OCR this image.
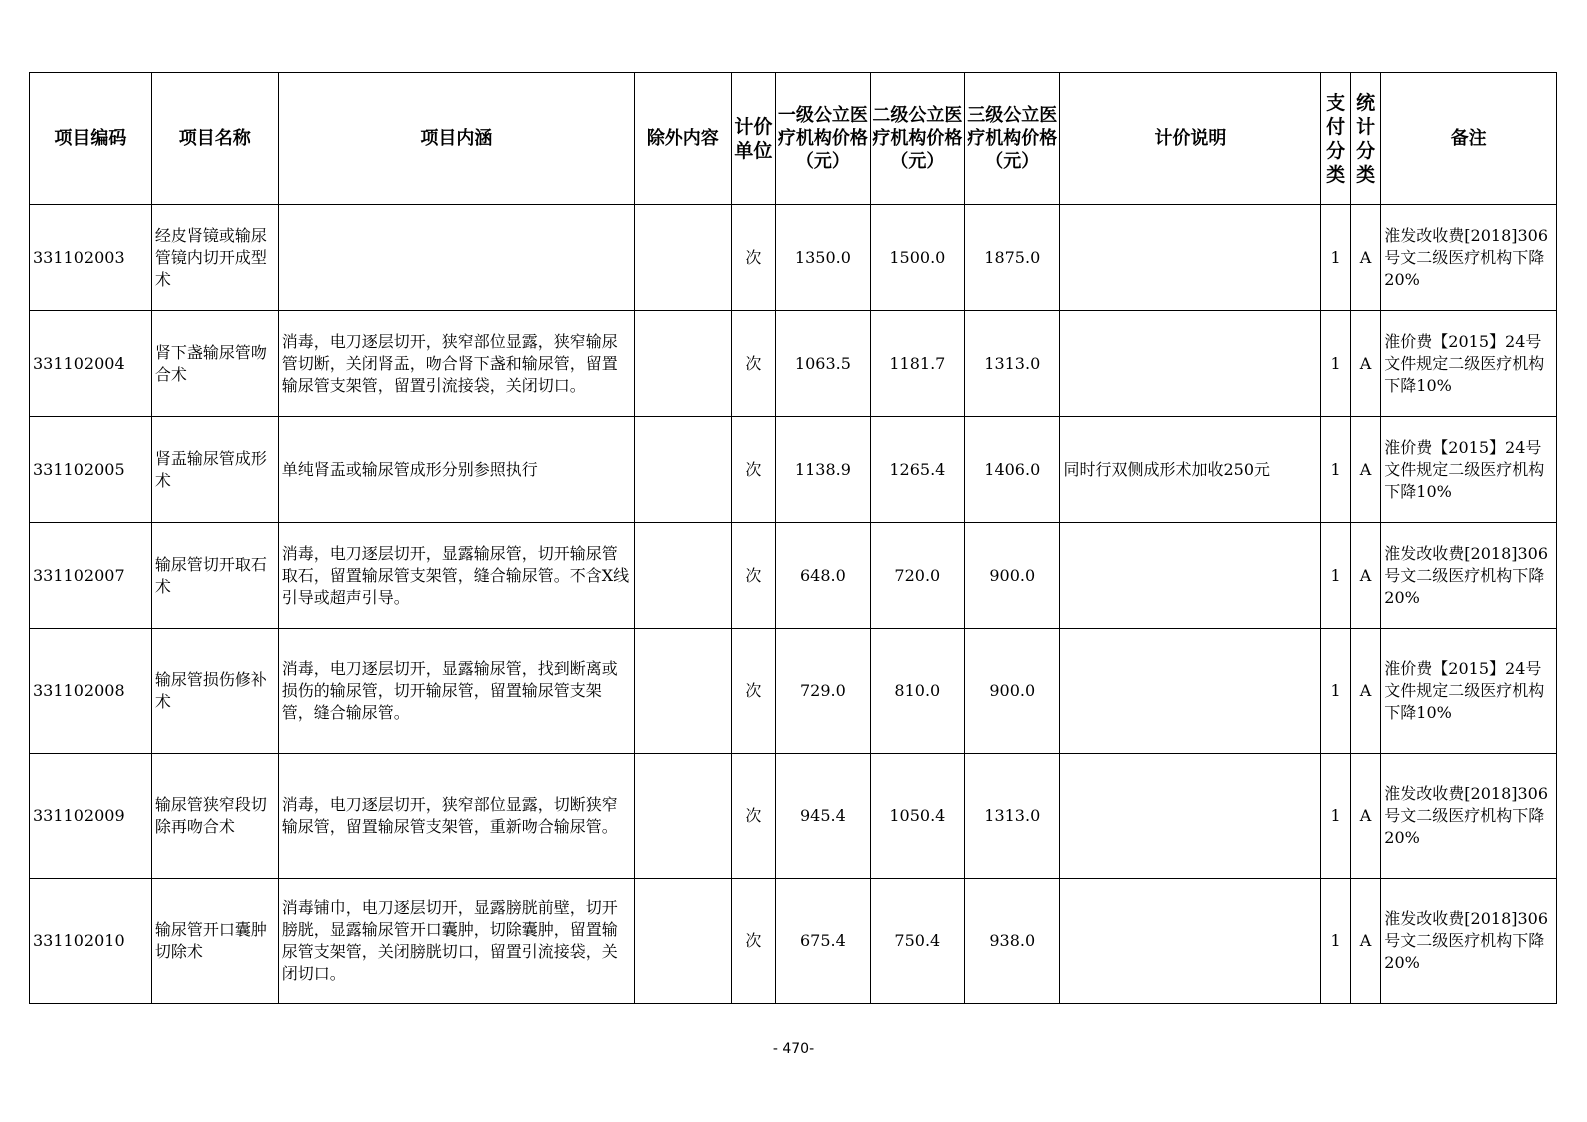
项目编码	项目名称	项目内涵	除外内容	计价单位	一级公立医疗机构价格（元）	二级公立医疗机构价格（元）	三级公立医疗机构价格（元）	计价说明	支付分类	统计分类	备注
331102003	经皮肾镜或输尿管镜内切开成型术			次	1350.0	1500.0	1875.0		1	A	淮发改收费[2018]306号文二级医疗机构下降20%
331102004	肾下盏输尿管吻合术	消毒，电刀逐层切开，狭窄部位显露，狭窄输尿管切断，关闭肾盂，吻合肾下盏和输尿管，留置输尿管支架管，留置引流接袋，关闭切口。		次	1063.5	1181.7	1313.0		1	A	淮价费【2015】24号文件规定二级医疗机构下降10%
331102005	肾盂输尿管成形术	单纯肾盂或输尿管成形分别参照执行		次	1138.9	1265.4	1406.0	同时行双侧成形术加收250元	1	A	淮价费【2015】24号文件规定二级医疗机构下降10%
331102007	输尿管切开取石术	消毒，电刀逐层切开，显露输尿管，切开输尿管取石，留置输尿管支架管，缝合输尿管。不含X线引导或超声引导。		次	648.0	720.0	900.0		1	A	淮发改收费[2018]306号文二级医疗机构下降20%
331102008	输尿管损伤修补术	消毒，电刀逐层切开，显露输尿管，找到断离或损伤的输尿管，切开输尿管，留置输尿管支架管，缝合输尿管。		次	729.0	810.0	900.0		1	A	淮价费【2015】24号文件规定二级医疗机构下降10%
331102009	输尿管狭窄段切除再吻合术	消毒，电刀逐层切开，狭窄部位显露，切断狭窄输尿管，留置输尿管支架管，重新吻合输尿管。		次	945.4	1050.4	1313.0		1	A	淮发改收费[2018]306号文二级医疗机构下降20%
331102010	输尿管开口囊肿切除术	消毒铺巾，电刀逐层切开，显露膀胱前壁，切开膀胱，显露输尿管开口囊肿，切除囊肿，留置输尿管支架管，关闭膀胱切口，留置引流接袋，关闭切口。		次	675.4	750.4	938.0		1	A	淮发改收费[2018]306号文二级医疗机构下降20%
- 470-
